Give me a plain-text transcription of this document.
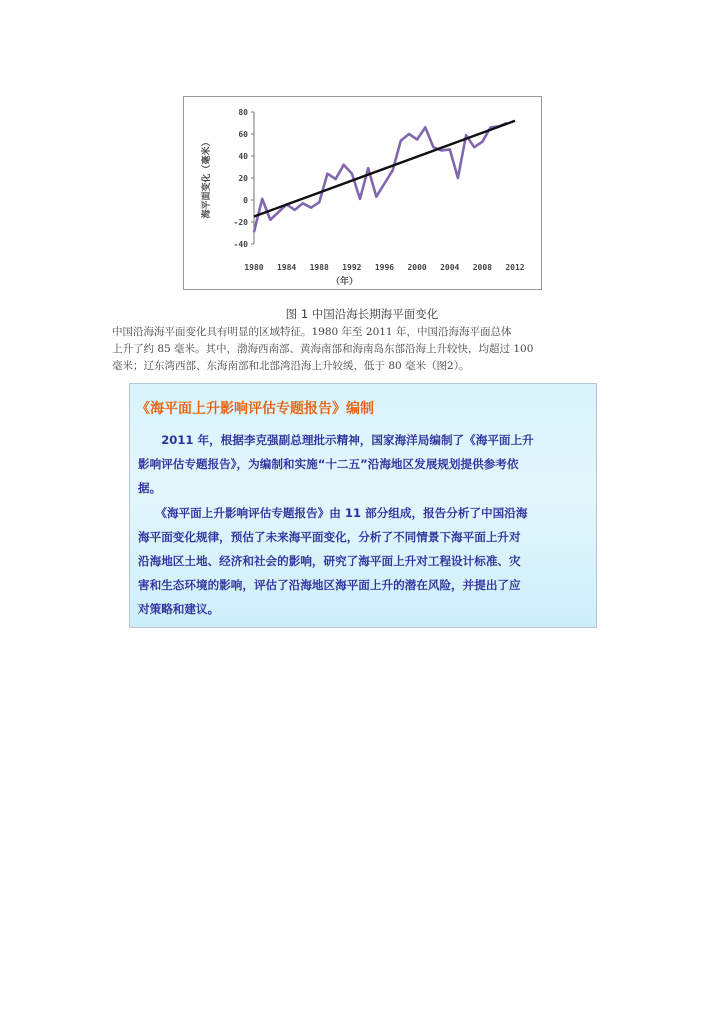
-40
-20
0
20
40
60
80
1980 1984 1988 1992 1996 2000 2004 2008 2012
（年）
海平面变化（毫米）
图 1 中国沿海长期海平面变化
中国沿海海平面变化具有明显的区域特征。1980 年至 2011 年，中国沿海海平面总体
上升了约 85 毫米。其中，渤海西南部、黄海南部和海南岛东部沿海上升较快，均超过 100
毫米；辽东湾西部、东海南部和北部湾沿海上升较缓，低于 80 毫米（图2）。
《海平面上升影响评估专题报告》编制
　　2011 年，根据李克强副总理批示精神，国家海洋局编制了《海平面上升
影响评估专题报告》，为编制和实施“十二五”沿海地区发展规划提供参考依
据。
　　《海平面上升影响评估专题报告》由 11 部分组成，报告分析了中国沿海
海平面变化规律，预估了未来海平面变化，分析了不同情景下海平面上升对
沿海地区土地、经济和社会的影响，研究了海平面上升对工程设计标准、灾
害和生态环境的影响，评估了沿海地区海平面上升的潜在风险，并提出了应
对策略和建议。
